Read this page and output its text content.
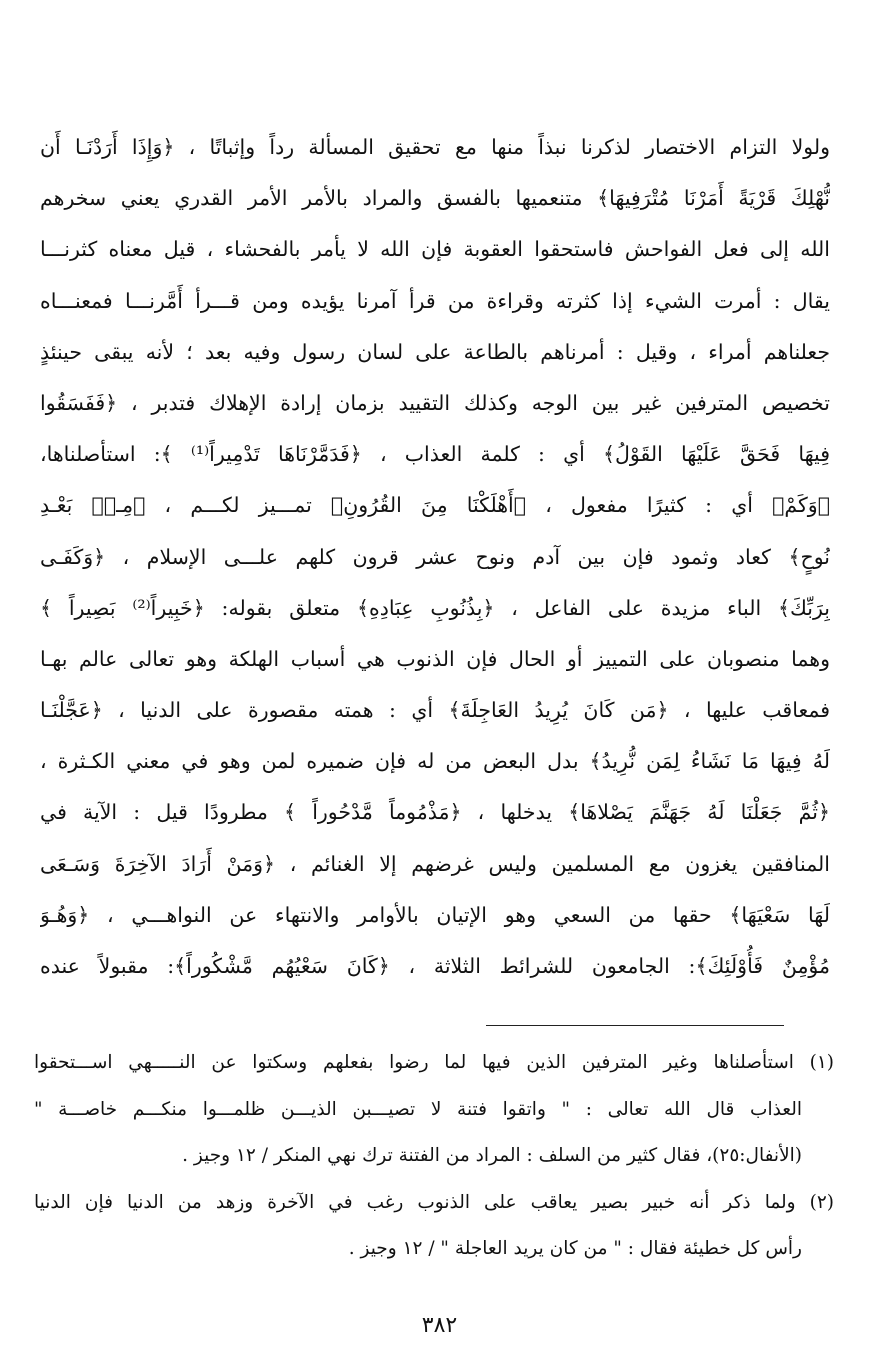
ولولا التزام الاختصار لذكرنا نبذاً منها مع تحقيق المسألة رداً وإثباتًا ، ﴿وَإِذَا أَرَدْنَـا أَن
نُّهْلِكَ قَرْيَةً أَمَرْنَا مُتْرَفِيهَا﴾ متنعميها بالفسق والمراد بالأمر الأمر القدري يعني سخرهم
الله إلى فعل الفواحش فاستحقوا العقوبة فإن الله لا يأمر بالفحشاء ، قيل معناه كثرنـــا
يقال : أمرت الشيء إذا كثرته وقراءة من قرأ آمرنا يؤيده ومن قـــرأ أَمَّرنـــا فمعنـــاه
جعلناهم أمراء ، وقيل : أمرناهم بالطاعة على لسان رسول وفيه بعد ؛ لأنه يبقى حينئذٍ
تخصيص المترفين غير بين الوجه وكذلك التقييد بزمان إرادة الإهلاك فتدبر ، ﴿فَفَسَقُوا
فِيهَا فَحَقَّ عَلَيْهَا القَوْلُ﴾ أي : كلمة العذاب ، ﴿فَدَمَّرْنَاهَا تَدْمِيراً⁽¹⁾ ﴾: استأصلناها،
﴿وَكَمْ﴾ أي : كثيرًا مفعول ، ﴿أَهْلَكْنَا مِنَ القُرُونِ﴾ تمـــيز لكـــم ، ﴿مِـنۢ بَعْـدِ
نُوحٍ﴾ كعاد وثمود فإن بين آدم ونوح عشر قرون كلهم علـــى الإسلام ، ﴿وَكَفَـى
بِرَبِّكَ﴾ الباء مزيدة على الفاعل ، ﴿بِذُنُوبِ عِبَادِهِ﴾ متعلق بقوله: ﴿خَبِيراً⁽²⁾ بَصِيراً ﴾
وهما منصوبان على التمييز أو الحال فإن الذنوب هي أسباب الهلكة وهو تعالى عالم بهـا
فمعاقب عليها ، ﴿مَن كَانَ يُرِيدُ العَاجِلَةَ﴾ أي : همته مقصورة على الدنيا ، ﴿عَجَّلْنَـا
لَهُ فِيهَا مَا نَشَاءُ لِمَن نُّرِيدُ﴾ بدل البعض من له فإن ضميره لمن وهو في معني الكـثرة ،
﴿ثُمَّ جَعَلْنَا لَهُ جَهَنَّمَ يَصْلاهَا﴾ يدخلها ، ﴿مَذْمُوماً مَّدْحُوراً ﴾ مطرودًا قيل : الآية في
المنافقين يغزون مع المسلمين وليس غرضهم إلا الغنائم ، ﴿وَمَنْ أَرَادَ الآخِرَةَ وَسَـعَى
لَهَا سَعْيَهَا﴾ حقها من السعي وهو الإتيان بالأوامر والانتهاء عن النواهـــي ، ﴿وَهُـوَ
مُؤْمِنٌ فَأُوْلَئِكَ﴾: الجامعون للشرائط الثلاثة ، ﴿كَانَ سَعْيُهُم مَّشْكُوراً﴾: مقبولاً عنده
(١) استأصلناها وغير المترفين الذين فيها لما رضوا بفعلهم وسكتوا عن النـــــهي اســـتحقوا
العذاب قال الله تعالى : " واتقوا فتنة لا تصيـــبن الذيـــن ظلمـــوا منكـــم خاصـــة "
(الأنفال:٢٥)، فقال كثير من السلف : المراد من الفتنة ترك نهي المنكر / ١٢ وجيز .
(٢) ولما ذكر أنه خبير بصير يعاقب على الذنوب رغب في الآخرة وزهد من الدنيا فإن الدنيا
رأس كل خطيئة فقال : " من كان يريد العاجلة " / ١٢ وجيز .
٣٨٢
